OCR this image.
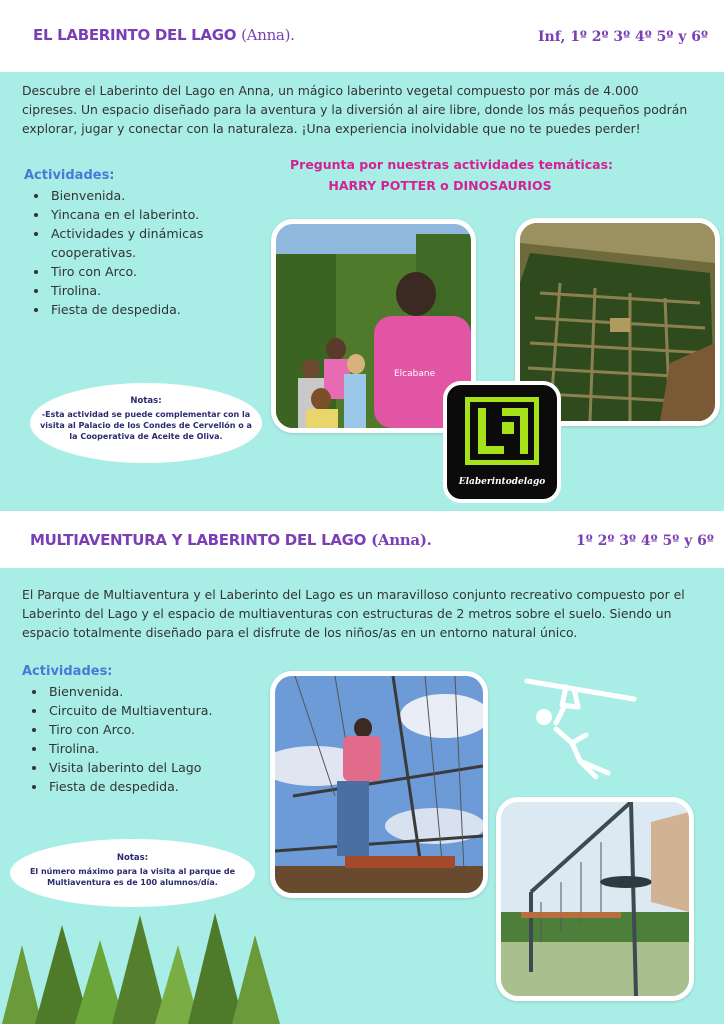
EL LABERINTO DEL LAGO (Anna).	Inf, 1º 2º 3º 4º 5º y 6º
Descubre el Laberinto del Lago en Anna, un mágico laberinto vegetal compuesto por más de 4.000 cipreses. Un espacio diseñado para la aventura y la diversión al aire libre, donde los más pequeños podrán explorar, jugar y conectar con la naturaleza. ¡Una experiencia inolvidable que no te puedes perder!
Actividades:
• Bienvenida.
• Yincana en el laberinto.
• Actividades y dinámicas cooperativas.
• Tiro con Arco.
• Tirolina.
• Fiesta de despedida.
Pregunta por nuestras actividades temáticas:
HARRY POTTER o DINOSAURIOS
Notas:
-Esta actividad se puede complementar con la visita al Palacio de los Condes de Cervellón o a la Cooperativa de Aceite de Oliva.
Elcabane
Elaberintodelago
MULTIAVENTURA Y LABERINTO DEL LAGO (Anna).	1º 2º 3º 4º 5º y 6º
El Parque de Multiaventura y el Laberinto del Lago es un maravilloso conjunto recreativo compuesto por el Laberinto del Lago y el espacio de multiaventuras con estructuras de 2 metros sobre el suelo. Siendo un espacio totalmente diseñado para el disfrute de los niños/as en un entorno natural único.
Actividades:
• Bienvenida.
• Circuito de Multiaventura.
• Tiro con Arco.
• Tirolina.
• Visita laberinto del Lago
• Fiesta de despedida.
Notas:
El número máximo para la visita al parque de Multiaventura es de 100 alumnos/día.
